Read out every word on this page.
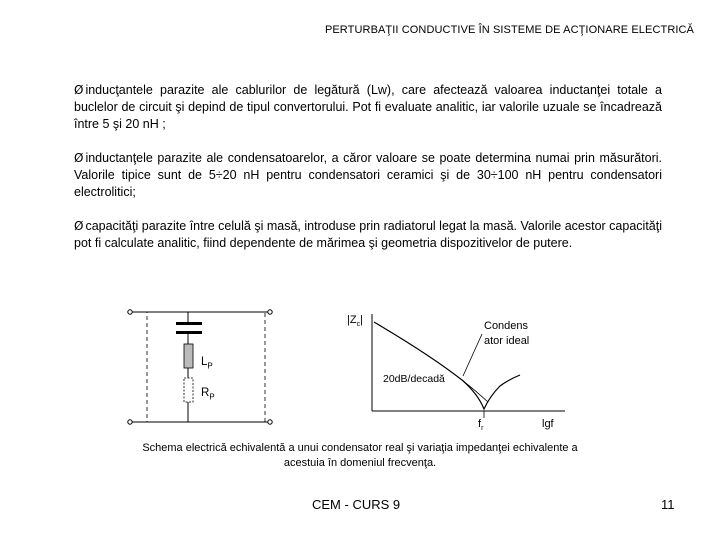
PERTURBAŢII CONDUCTIVE ÎN SISTEME DE ACŢIONARE ELECTRICĂ
Ø inducţantele parazite ale cablurilor de legătură (Lw), care afectează valoarea inductanţei totale a buclelor de circuit şi depind de tipul convertorului. Pot fi evaluate analitic, iar valorile uzuale se încadrează între 5 şi 20 nH ;
Ø inductanţele parazite ale condensatoarelor, a căror valoare se poate determina numai prin măsurători. Valorile tipice sunt de 5÷20 nH pentru condensatori ceramici şi de 30÷100 nH pentru condensatori electrolitici;
Ø capacităţi parazite între celulă şi masă, introduse prin radiatorul legat la masă. Valorile acestor capacităţi pot fi calculate analitic, fiind dependente de mărimea şi geometria dispozitivelor de putere.
$L_P$
$R_P$
$|Z_c|$	Condens
ator ideal
20dB/decadă
$f_r$	lgf
Schema electrică echivalentă a unui condensator real şi variaţia impedanţei echivalente a
acestuia în domeniul frecvenţa.
CEM - CURS 9	11
